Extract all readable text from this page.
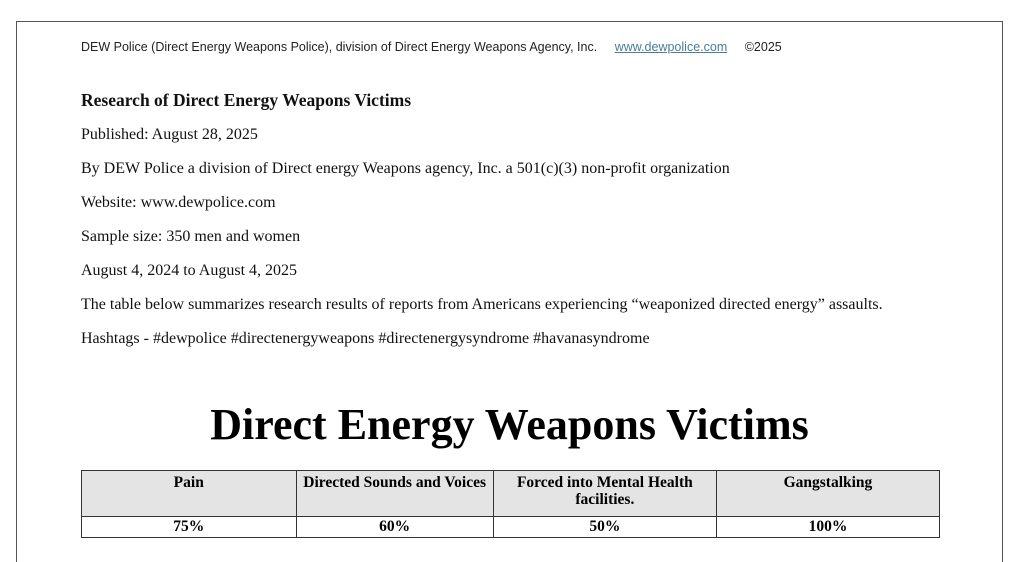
DEW Police (Direct Energy Weapons Police), division of Direct Energy Weapons Agency, Inc. www.dewpolice.com ©2025

Research of Direct Energy Weapons Victims

Published: August 28, 2025

By DEW Police a division of Direct energy Weapons agency, Inc. a 501(c)(3) non-profit organization

Website: www.dewpolice.com

Sample size: 350 men and women

August 4, 2024 to August 4, 2025

The table below summarizes research results of reports from Americans experiencing “weaponized directed energy” assaults.

Hashtags - #dewpolice #directenergyweapons #directenergysyndrome #havanasyndrome

Direct Energy Weapons Victims
Pain	Directed Sounds and Voices	Forced into Mental Health facilities.	Gangstalking
75%	60%	50%	100%
